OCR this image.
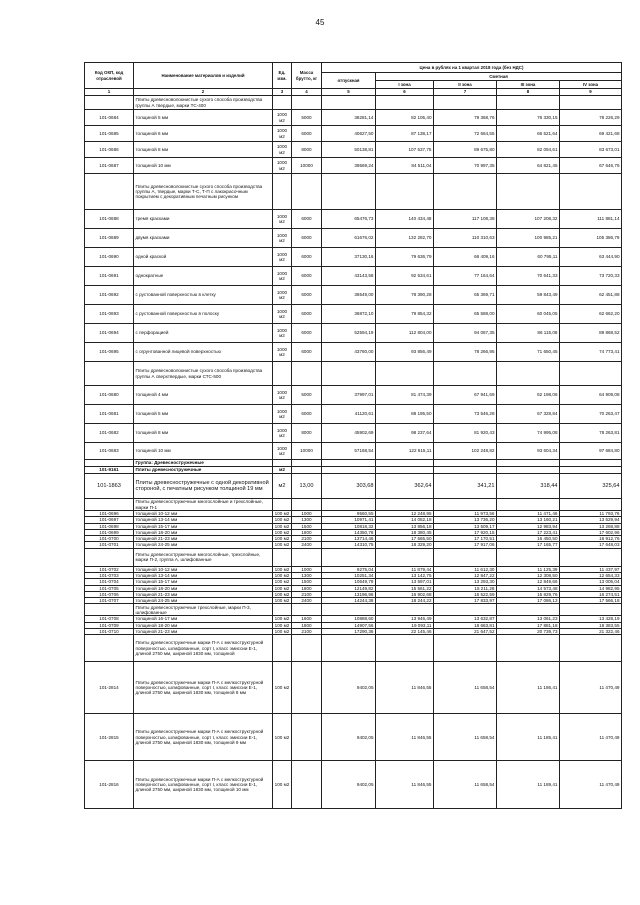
45
Код ОКП, код отраслевой	Наименование материалов и изделий	Ед. изм.	Масса брутто, кг	Цена в рублях на 1 квартал 2018 года (без НДС)				
				отпускная	Сметная			
					I зона	II зона	III зона	IV зона
1	2	3	4	5	6	7	8	9
	Плиты древесноволокнистые сухого способа производства группы А твердые, марки ТС-400							
101-0684	толщиной 5 мм	1000 м2	5000	38281,14	82 105,40	79 368,76	76 330,15	78 226,29
101-0685	толщиной 6 мм	1000 м2	6000	40627,50	87 138,17	72 664,55	66 521,64	69 421,68
101-0686	толщиной 8 мм	1000 м2	8000	50138,81	107 537,75	89 675,80	82 094,61	83 673,01
101-0687	толщиной 10 мм	1000 м2	10000	39569,24	84 511,04	70 997,35	64 821,45	67 646,76
	Плиты древесноволокнистые сухого способа производства группы А, твердые, марки Т-С, Т-П с лакокрасочным покрытием с декоративным печатным рисунком							
101-0688	тремя красками	1000 м2	6000	65476,73	140 434,48	117 108,38	107 208,32	111 881,14
101-0689	двумя красками	1000 м2	6000	61676,02	132 282,70	110 310,63	100 985,21	105 386,79
101-0690	одной краской	1000 м2	6000	37130,16	79 636,79	66 409,16	60 795,11	63 444,90
101-0691	однократные	1000 м2	6000	43143,58	92 534,61	77 164,64	70 641,33	73 720,33
101-0692	с рустованной поверхностью в клетку	1000 м2	6000	36549,00	78 390,28	65 369,71	59 843,49	62 451,88
101-0693	с рустованной поверхностью в полоску	1000 м2	6000	36872,10	79 854,32	65 588,00	60 045,05	62 662,20
101-0694	с перфорацией	1000 м2	6000	52594,19	112 804,00	94 067,35	86 115,08	89 868,52
101-0695	с огрунтованной лицевой поверхностью	1000 м2	6000	43760,00	93 856,49	78 266,95	71 650,45	74 773,41
	Плиты древесноволокнистые сухого способа производства группы А сверхтвердые, марки СТС-500							
101-0680	толщиной 4 мм	1000 м2	5000	37997,01	81 474,39	67 941,69	62 198,06	64 909,08
101-0681	толщиной 5 мм	1000 м2	6000	41120,61	88 195,50	73 546,28	67 328,84	70 263,47
101-0682	толщиной 8 мм	1000 м2	8000	45902,69	98 237,64	81 920,43	74 995,08	78 263,81
101-0683	толщиной 10 мм	1000 м2	10000	57168,54	122 615,11	102 248,82	93 604,34	97 684,80
	Группа: Древесностружечные							
101-9161	Плиты древесностружечные	м2						
101-1863	Плиты древесностружечные с одной декоративной стороной, с печатным рисунком толщиной 19 мм	м2	13,00	303,68	362,64	341,21	318,44	325,64
	Плиты древесностружечные многослойные и трехслойные, марки П-1							
101-0696	толщиной 10-12 мм	100 м2	1000	9560,55	12 248,95	11 973,56	11 471,46	11 793,76
101-0697	толщиной 13-14 мм	100 м2	1300	10971,41	14 052,18	13 736,20	13 160,21	13 529,94
101-0698	толщиной 15-17 мм	100 м2	1500	10818,32	13 856,18	13 509,17	12 983,94	13 268,88
101-0699	толщиной 18-20 мм	100 м2	1800	14350,78	18 380,45	17 920,15	17 223,41	17 602,96
101-0700	толщиной 21-23 мм	100 м2	2100	13714,46	17 565,50	17 170,51	16 450,50	16 912,76
101-0701	толщиной 24-25 мм	100 м2	2400	14310,75	18 329,20	17 917,06	17 165,77	17 648,03
	Плиты древесностружечные многослойные, трехслойные, марки П-2, группа А, шлифованные							
101-0702	толщиной 10-12 мм	100 м2	1000	9275,04	11 879,44	11 612,30	11 125,39	11 437,97
101-0703	толщиной 13-14 мм	100 м2	1300	10251,34	13 142,75	12 847,22	12 308,50	12 654,33
101-0704	толщиной 15-17 мм	100 м2	1500	10649,78	13 597,01	13 293,30	12 849,66	13 005,04
101-0705	толщиной 18-20 мм	100 м2	1800	12149,82	15 561,22	15 211,28	14 573,48	14 982,95
101-0706	толщиной 21-23 мм	100 м2	2100	13196,96	16 902,68	16 522,59	15 829,76	16 274,51
101-0707	толщиной 24-25 мм	100 м2	2400	14244,38	18 244,22	17 833,97	17 086,13	17 566,18
	Плиты древесностружечные трехслойные, марки П-3, шлифованные							
101-0708	толщиной 16-17 мм	100 м2	1600	10888,60	13 946,49	13 632,87	13 061,23	13 428,19
101-0709	толщиной 18-20 мм	100 м2	1800	14907,56	19 093,11	18 663,81	17 881,18	18 383,55
101-0710	толщиной 21-23 мм	100 м2	2100	17290,36	22 145,46	21 647,52	20 739,73	21 322,46
	Плиты древесностружечные марки П-А с мелкоструктурной поверхностью, шлифованные, сорт I, класс эмиссии Е-1, длиной 2750 мм, шириной 1830 мм, толщиной							
101-2814	Плиты древесностружечные марки П-А с мелкоструктурной поверхностью, шлифованные, сорт I, класс эмиссии Е-1, длиной 2750 мм, шириной 1830 мм, толщиной 8 мм	100 м2		9402,05	11 846,55	11 658,54	11 186,41	11 470,49
101-2815	Плиты древесностружечные марки П-А с мелкоструктурной поверхностью, шлифованные, сорт I, класс эмиссии Е-1, длиной 2750 мм, шириной 1830 мм, толщиной 9 мм	100 м2		9402,05	11 846,55	11 658,54	11 185,41	11 470,49
101-2816	Плиты древесностружечные марки П-А с мелкоструктурной поверхностью, шлифованные, сорт I, класс эмиссии Е-1, длиной 2750 мм, шириной 1830 мм, толщиной 10 мм	100 м2		9402,05	11 846,55	11 658,54	11 189,41	11 470,49
